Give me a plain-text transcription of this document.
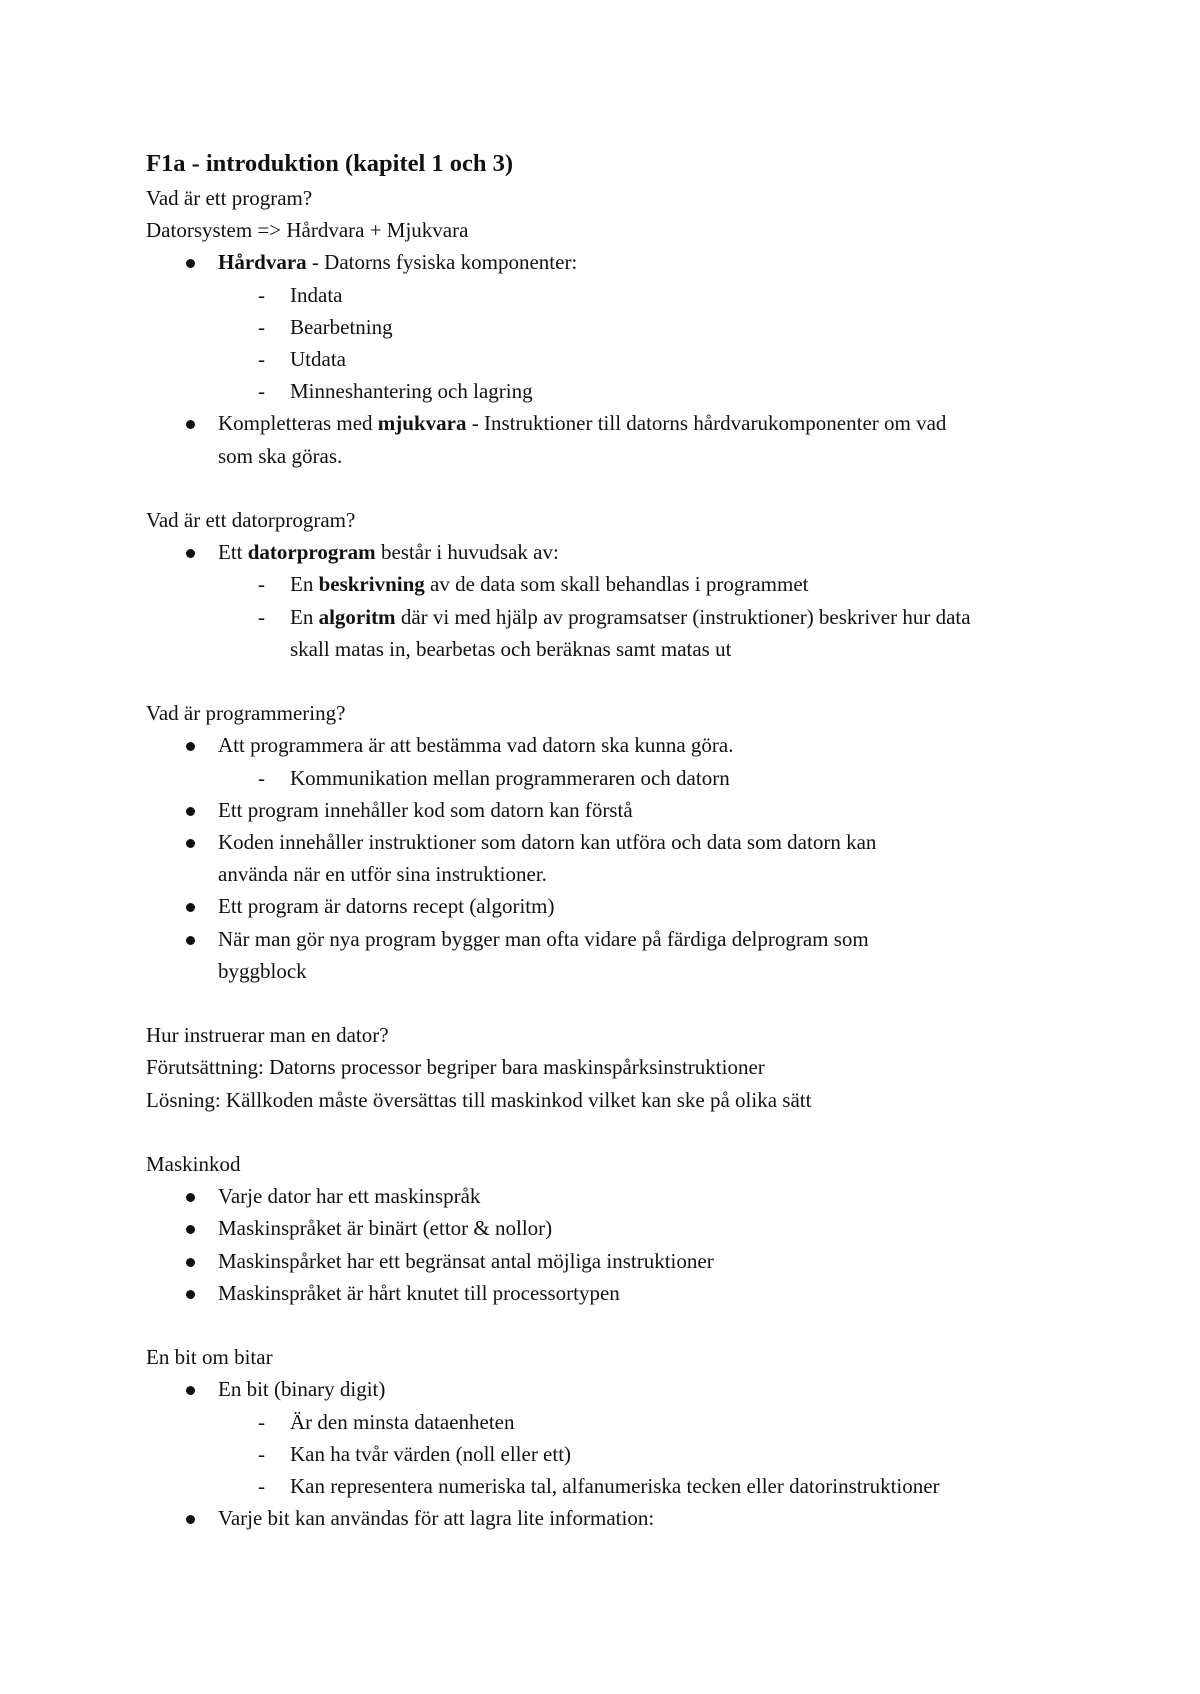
F1a - introduktion (kapitel 1 och 3)
Vad är ett program?
Datorsystem => Hårdvara + Mjukvara
Hårdvara - Datorns fysiska komponenter:
- Indata
- Bearbetning
- Utdata
- Minneshantering och lagring
Kompletteras med mjukvara - Instruktioner till datorns hårdvarukomponenter om vad som ska göras.
Vad är ett datorprogram?
Ett datorprogram består i huvudsak av:
- En beskrivning av de data som skall behandlas i programmet
- En algoritm där vi med hjälp av programsatser (instruktioner) beskriver hur data skall matas in, bearbetas och beräknas samt matas ut
Vad är programmering?
Att programmera är att bestämma vad datorn ska kunna göra.
- Kommunikation mellan programmeraren och datorn
Ett program innehåller kod som datorn kan förstå
Koden innehåller instruktioner som datorn kan utföra och data som datorn kan använda när en utför sina instruktioner.
Ett program är datorns recept (algoritm)
När man gör nya program bygger man ofta vidare på färdiga delprogram som byggblock
Hur instruerar man en dator?
Förutsättning: Datorns processor begriper bara maskinspårksinstruktioner
Lösning: Källkoden måste översättas till maskinkod vilket kan ske på olika sätt
Maskinkod
Varje dator har ett maskinspråk
Maskinspråket är binärt (ettor & nollor)
Maskinspårket har ett begränsat antal möjliga instruktioner
Maskinspråket är hårt knutet till processortypen
En bit om bitar
En bit (binary digit)
- Är den minsta dataenheten
- Kan ha tvår värden (noll eller ett)
- Kan representera numeriska tal, alfanumeriska tecken eller datorinstruktioner
Varje bit kan användas för att lagra lite information:
